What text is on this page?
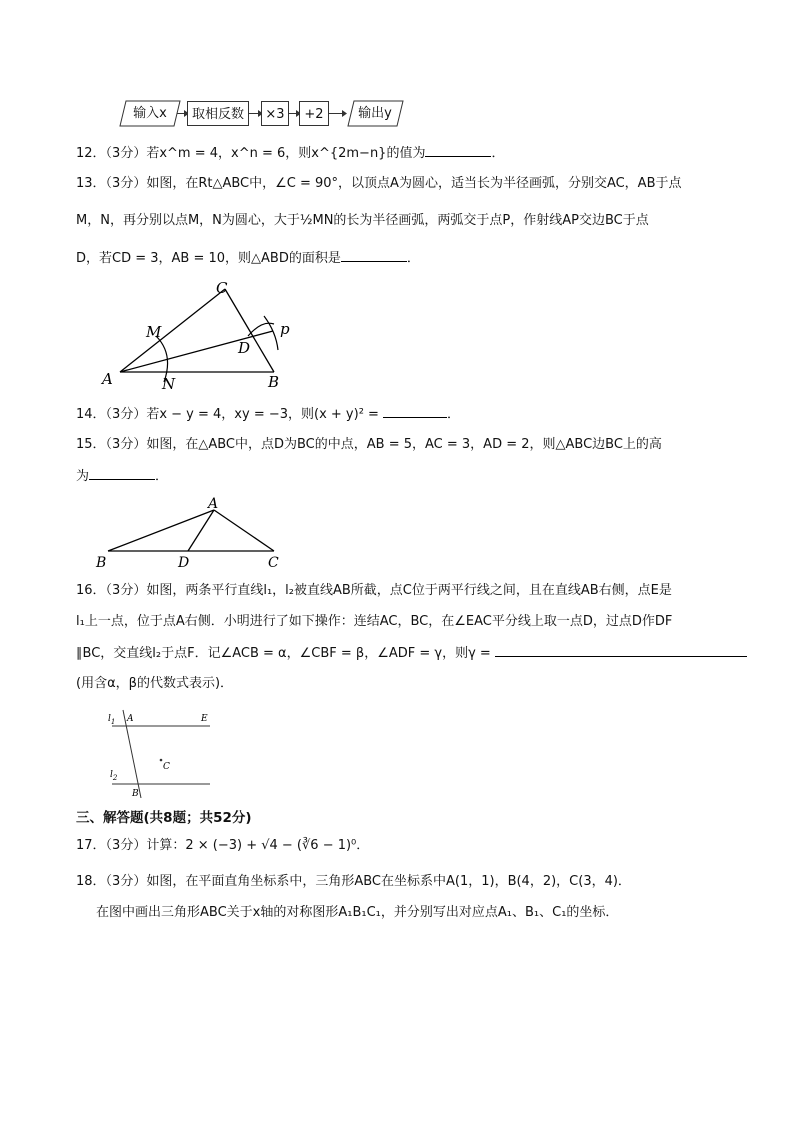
输入x	取相反数	×3	+2	输出y
12．（3分）若x^m = 4，x^n = 6，则x^{2m−n}的值为	．
13．（3分）如图，在Rt△ABC中，∠C = 90°，以顶点A为圆心，适当长为半径画弧，分别交AC，AB于点
M，N，再分别以点M，N为圆心，大于½MN的长为半径画弧，两弧交于点P，作射线AP交边BC于点
D，若CD = 3，AB = 10，则△ABD的面积是	．
A	B
C
D
M
N
p
14．（3分）若x − y = 4，xy = −3，则(x + y)² =	．
15．（3分）如图，在△ABC中，点D为BC的中点，AB = 5，AC = 3，AD = 2，则△ABC边BC上的高
为	．
A
B	D	C
16．（3分）如图，两条平行直线l₁，l₂被直线AB所截，点C位于两平行线之间，且在直线AB右侧，点E是
l₁上一点，位于点A右侧．小明进行了如下操作：连结AC，BC，在∠EAC平分线上取一点D，过点D作DF
∥BC，交直线l₂于点F．记∠ACB = α，∠CBF = β，∠ADF = γ，则γ =
(用含α，β的代数式表示)．
$l_1$ A	E
C
$l_2$
B
三、解答题(共8题；共52分)
17．（3分）计算：2 × (−3) + √4 − (∛6 − 1)⁰．
18．（3分）如图，在平面直角坐标系中，三角形ABC在坐标系中A(1，1)，B(4，2)，C(3，4)．
在图中画出三角形ABC关于x轴的对称图形A₁B₁C₁，并分别写出对应点A₁、B₁、C₁的坐标．
